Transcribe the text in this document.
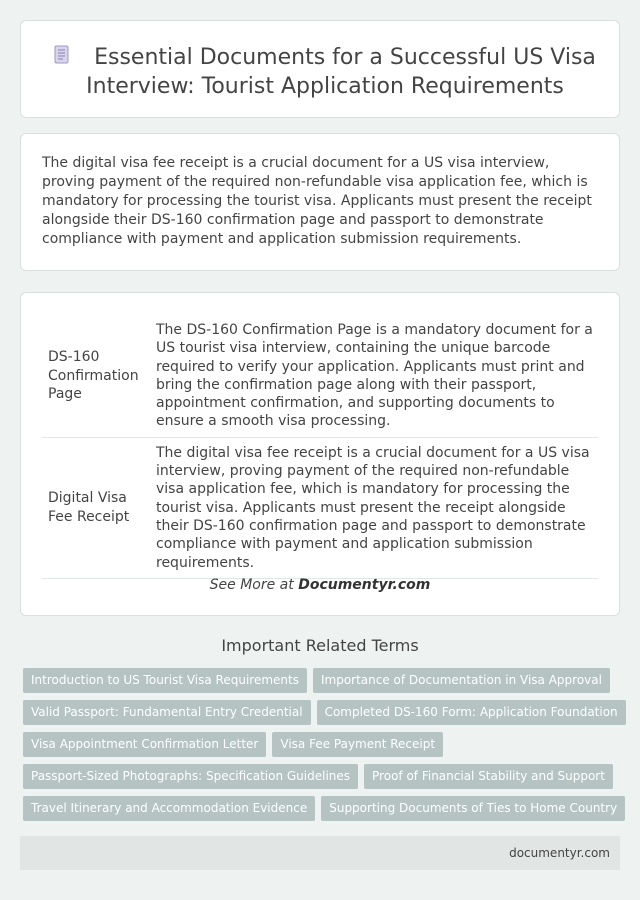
Essential Documents for a Successful US Visa Interview: Tourist Application Requirements

The digital visa fee receipt is a crucial document for a US visa interview, proving payment of the required non-refundable visa application fee, which is mandatory for processing the tourist visa. Applicants must present the receipt alongside their DS-160 confirmation page and passport to demonstrate compliance with payment and application submission requirements.

DS-160 Confirmation Page	The DS-160 Confirmation Page is a mandatory document for a US tourist visa interview, containing the unique barcode required to verify your application. Applicants must print and bring the confirmation page along with their passport, appointment confirmation, and supporting documents to ensure a smooth visa processing.
Digital Visa Fee Receipt	The digital visa fee receipt is a crucial document for a US visa interview, proving payment of the required non-refundable visa application fee, which is mandatory for processing the tourist visa. Applicants must present the receipt alongside their DS-160 confirmation page and passport to demonstrate compliance with payment and application submission requirements.
See More at Documentyr.com
Important Related Terms
Introduction to US Tourist Visa Requirements Importance of Documentation in Visa Approval
Valid Passport: Fundamental Entry Credential Completed DS-160 Form: Application Foundation
Visa Appointment Confirmation Letter Visa Fee Payment Receipt
Passport-Sized Photographs: Specification Guidelines Proof of Financial Stability and Support
Travel Itinerary and Accommodation Evidence Supporting Documents of Ties to Home Country
documentyr.com
